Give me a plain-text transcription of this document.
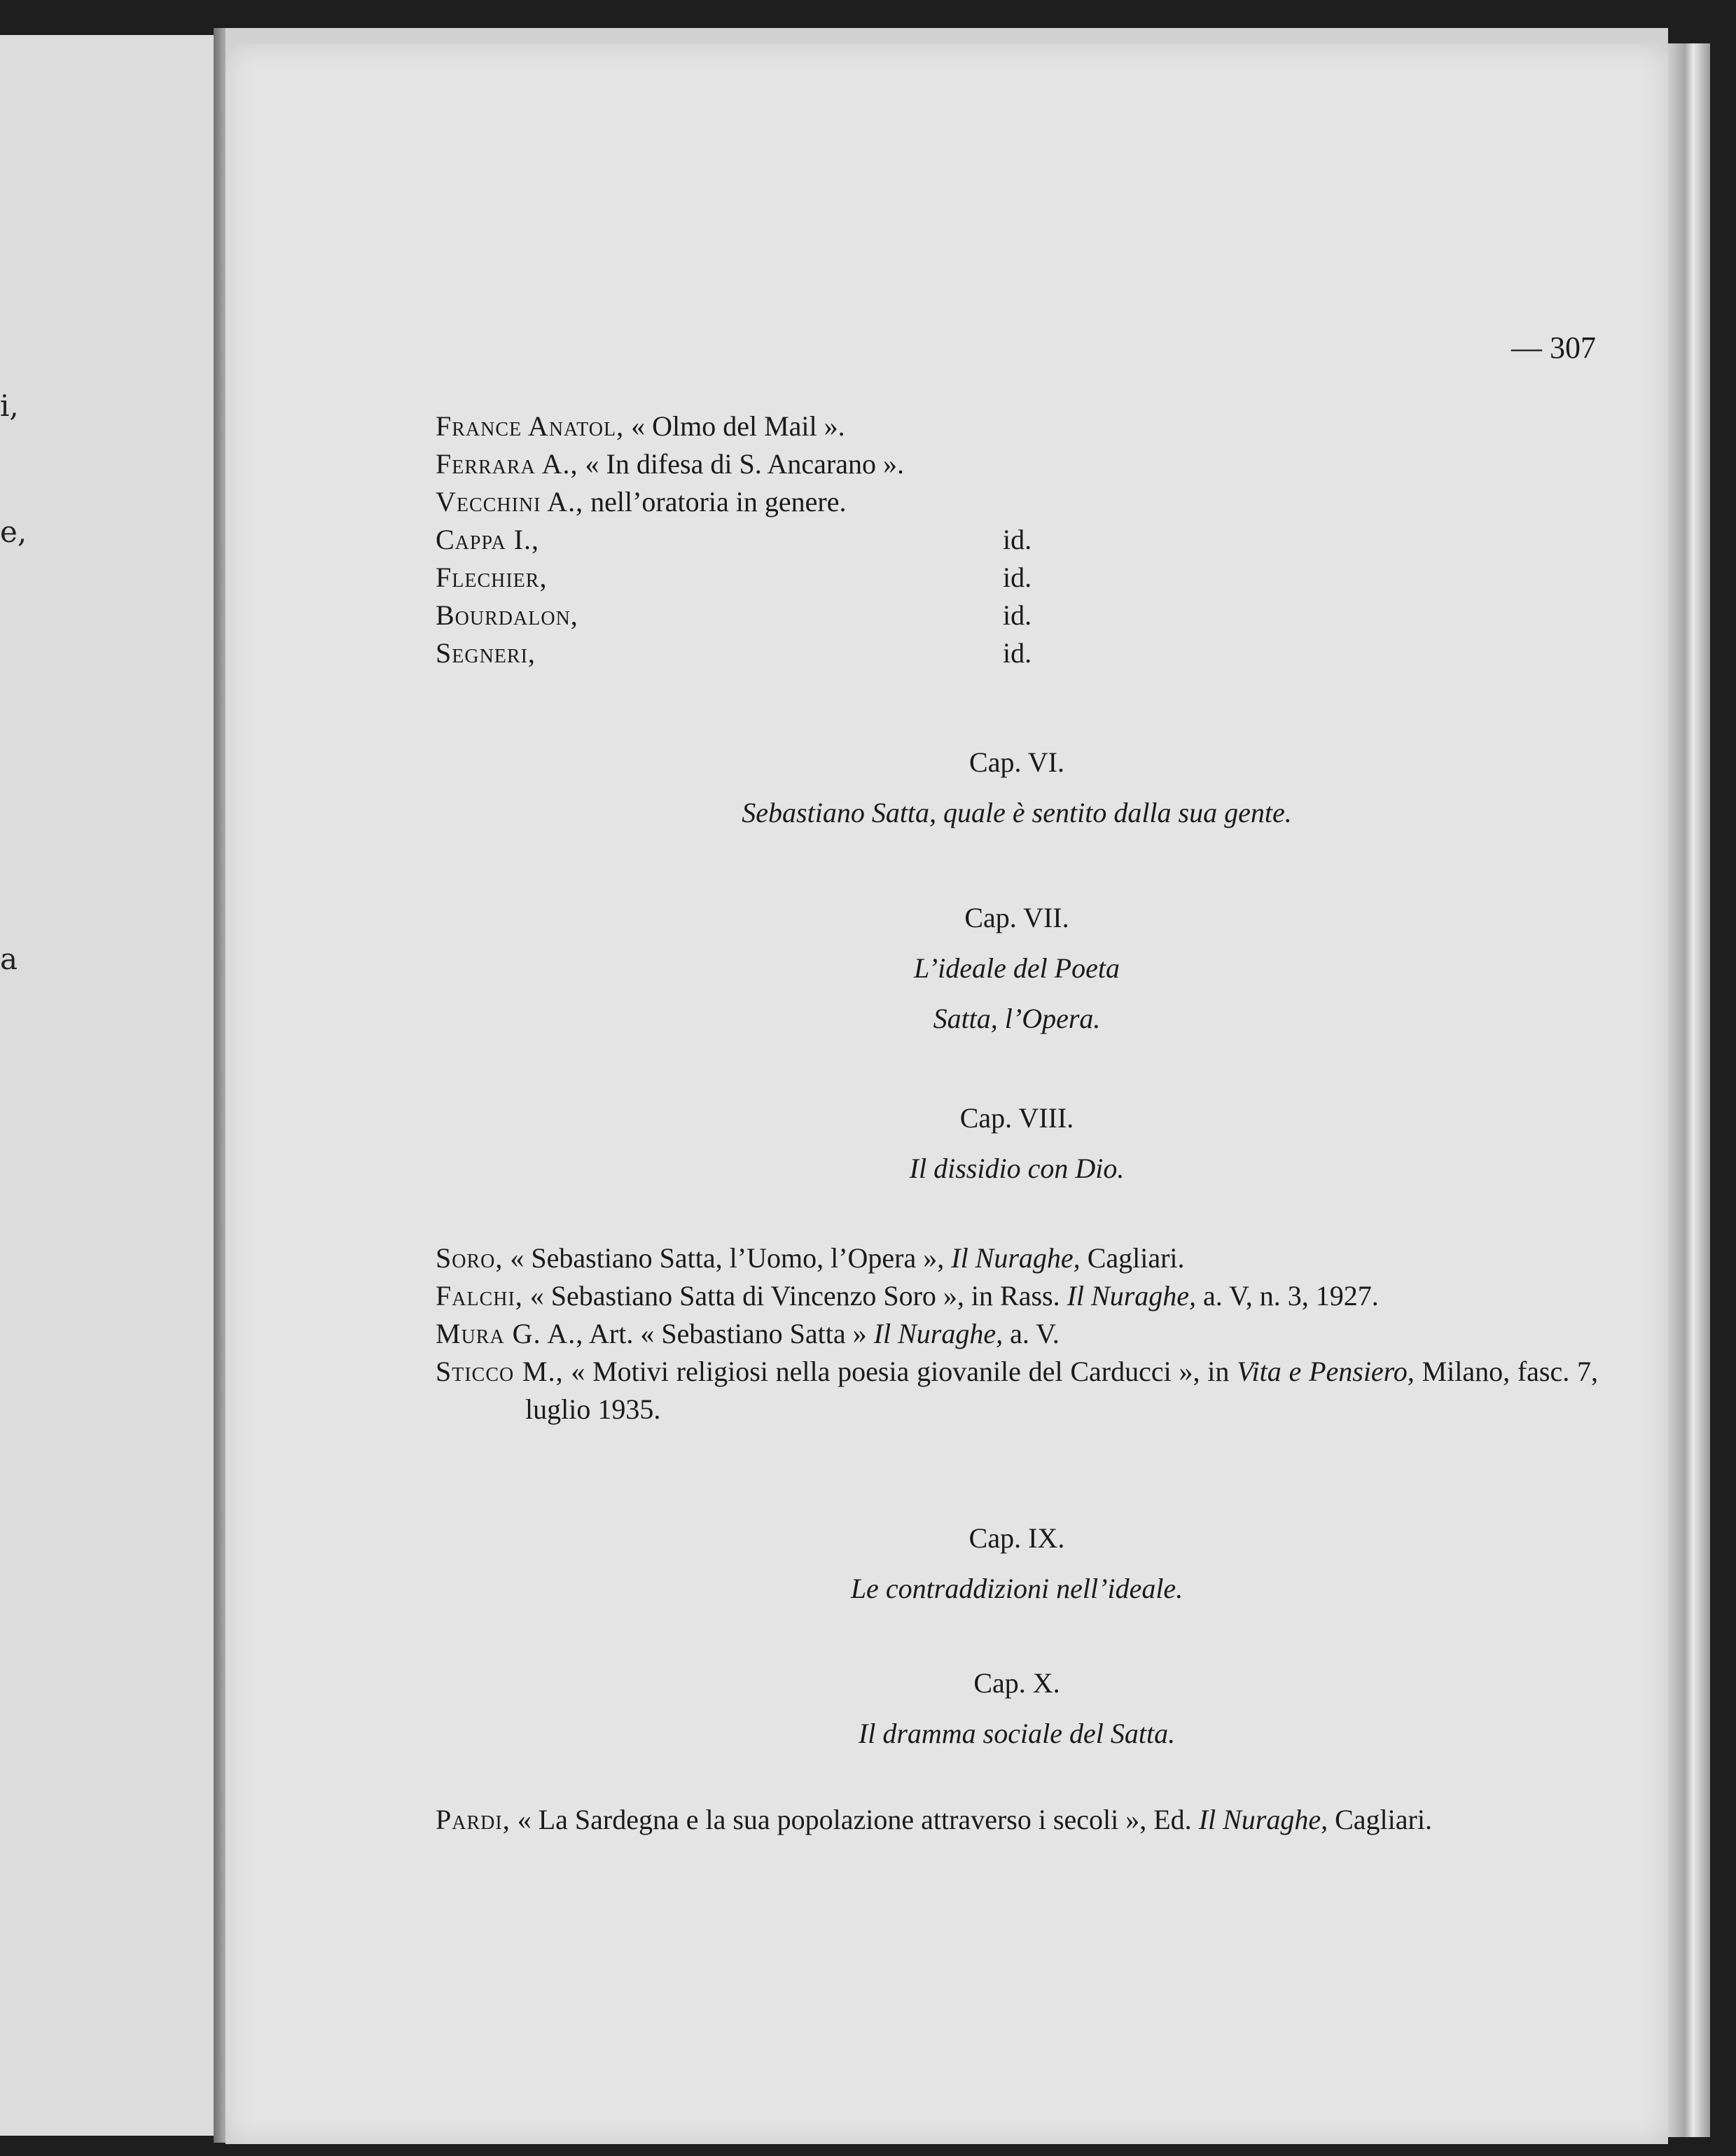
i,
e,
a
— 307
France Anatol, « Olmo del Mail ».
Ferrara A., « In difesa di S. Ancarano ».
Vecchini A., nell’oratoria in genere.
Cappa I.,	id.
Flechier,	id.
Bourdalon,	id.
Segneri,	id.
Cap. VI.
Sebastiano Satta, quale è sentito dalla sua gente.
Cap. VII.
L’ideale del Poeta
Satta, l’Opera.
Cap. VIII.
Il dissidio con Dio.
Soro, « Sebastiano Satta, l’Uomo, l’Opera », Il Nuraghe, Cagliari.
Falchi, « Sebastiano Satta di Vincenzo Soro », in Rass. Il Nuraghe, a. V, n. 3, 1927.
Mura G. A., Art. « Sebastiano Satta » Il Nuraghe, a. V.
Sticco M., « Motivi religiosi nella poesia giovanile del Carducci », in Vita e Pensiero, Milano, fasc. 7, luglio 1935.
Cap. IX.
Le contraddizioni nell’ideale.
Cap. X.
Il dramma sociale del Satta.
Pardi, « La Sardegna e la sua popolazione attraverso i secoli », Ed. Il Nuraghe, Cagliari.
